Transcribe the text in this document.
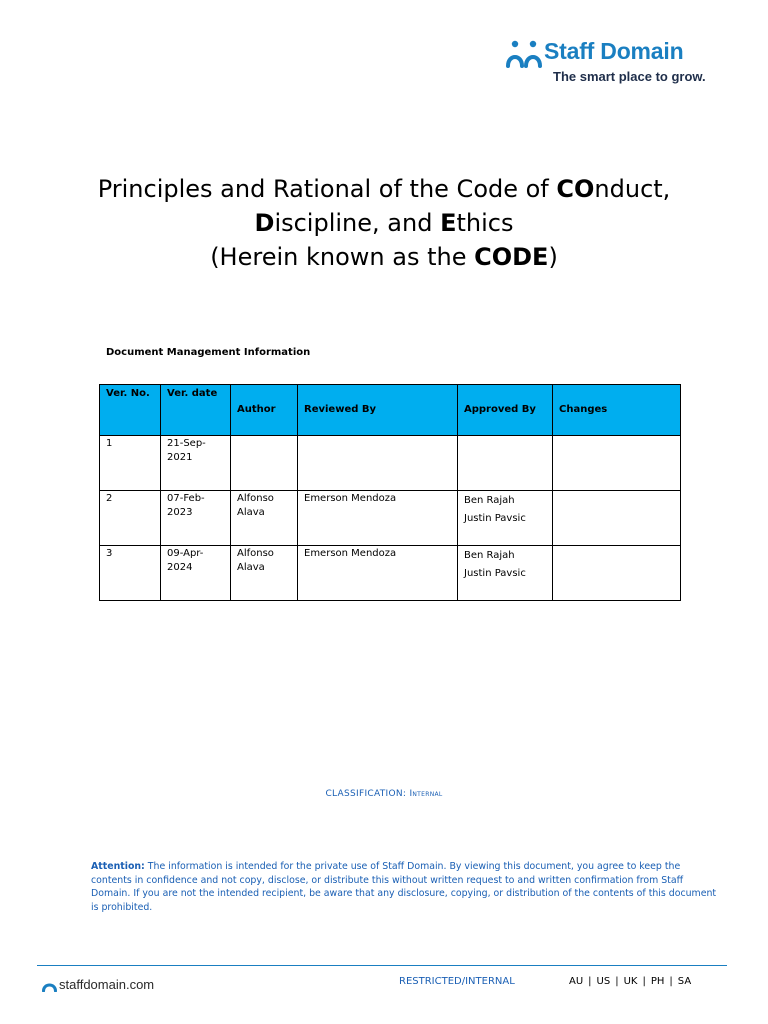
Staff Domain
The smart place to grow.
Principles and Rational of the Code of COnduct,
Discipline, and Ethics
(Herein known as the CODE)
Document Management Information
Ver. No.	Ver. date	Author	Reviewed By	Approved By	Changes
1	21-Sep-2021			

2	07-Feb-2023	Alfonso Alava	Emerson Mendoza	Ben Rajah
Justin Pavsic	

3	09-Apr-2024	Alfonso Alava	Emerson Mendoza	Ben Rajah
Justin Pavsic	

CLASSIFICATION: Internal
Attention: The information is intended for the private use of Staff Domain. By viewing this document, you agree to keep the contents in confidence and not copy, disclose, or distribute this without written request to and written confirmation from Staff Domain. If you are not the intended recipient, be aware that any disclosure, copying, or distribution of the contents of this document is prohibited.
staffdomain.com	RESTRICTED/INTERNAL	AU | US | UK | PH | SA
